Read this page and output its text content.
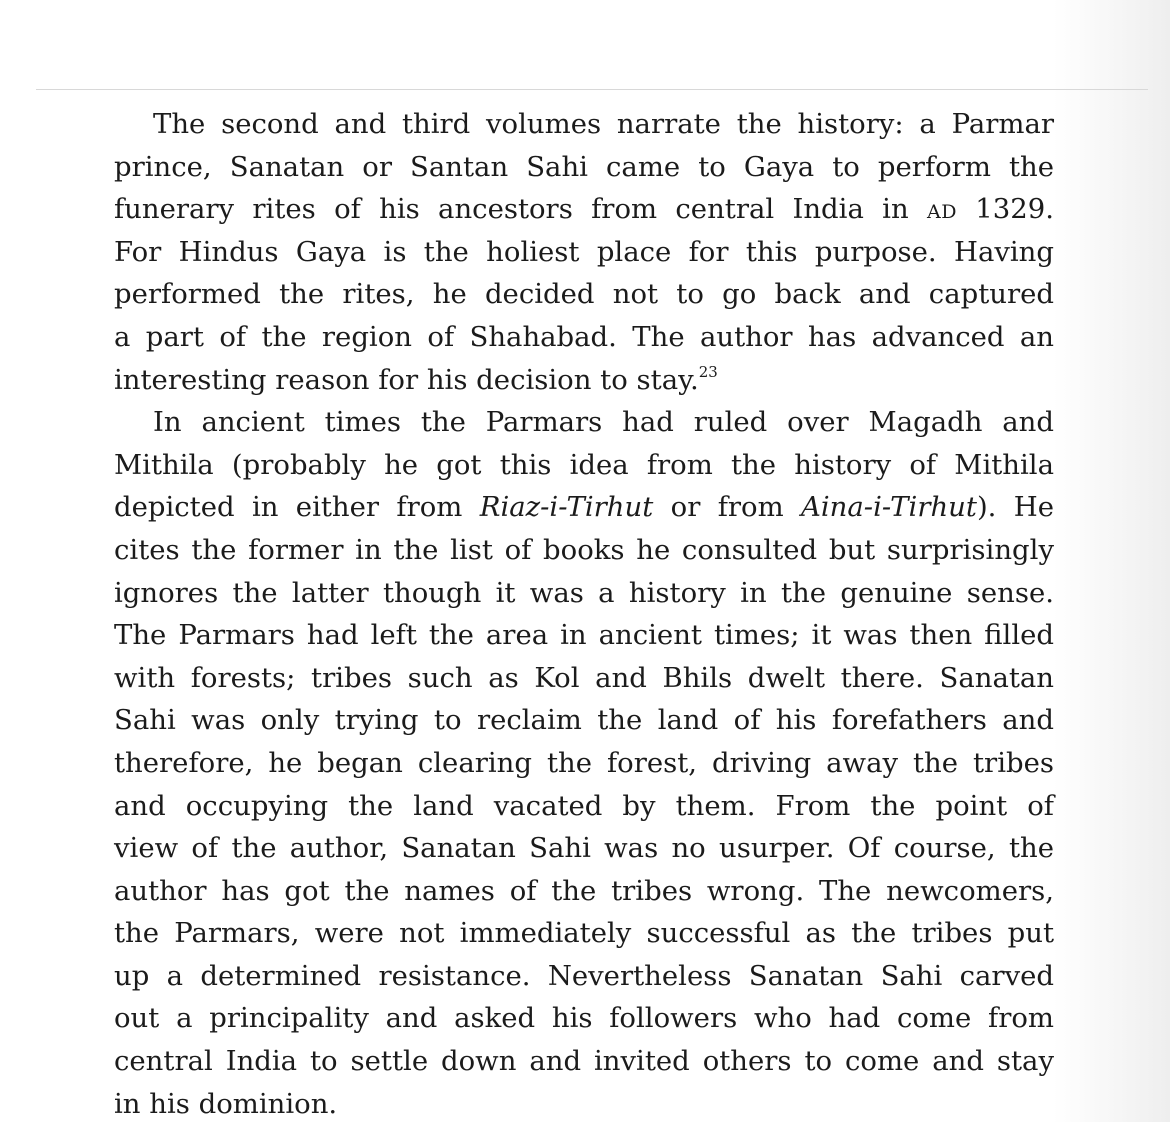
The second and third volumes narrate the history: a Parmar
prince, Sanatan or Santan Sahi came to Gaya to perform the
funerary rites of his ancestors from central India in ad 1329.
For Hindus Gaya is the holiest place for this purpose. Having
performed the rites, he decided not to go back and captured
a part of the region of Shahabad. The author has advanced an
interesting reason for his decision to stay.$^{23}$
In ancient times the Parmars had ruled over Magadh and
Mithila (probably he got this idea from the history of Mithila
depicted in either from Riaz-i-Tirhut or from Aina-i-Tirhut). He
cites the former in the list of books he consulted but surprisingly
ignores the latter though it was a history in the genuine sense.
The Parmars had left the area in ancient times; it was then filled
with forests; tribes such as Kol and Bhils dwelt there. Sanatan
Sahi was only trying to reclaim the land of his forefathers and
therefore, he began clearing the forest, driving away the tribes
and occupying the land vacated by them. From the point of
view of the author, Sanatan Sahi was no usurper. Of course, the
author has got the names of the tribes wrong. The newcomers,
the Parmars, were not immediately successful as the tribes put
up a determined resistance. Nevertheless Sanatan Sahi carved
out a principality and asked his followers who had come from
central India to settle down and invited others to come and stay
in his dominion.
